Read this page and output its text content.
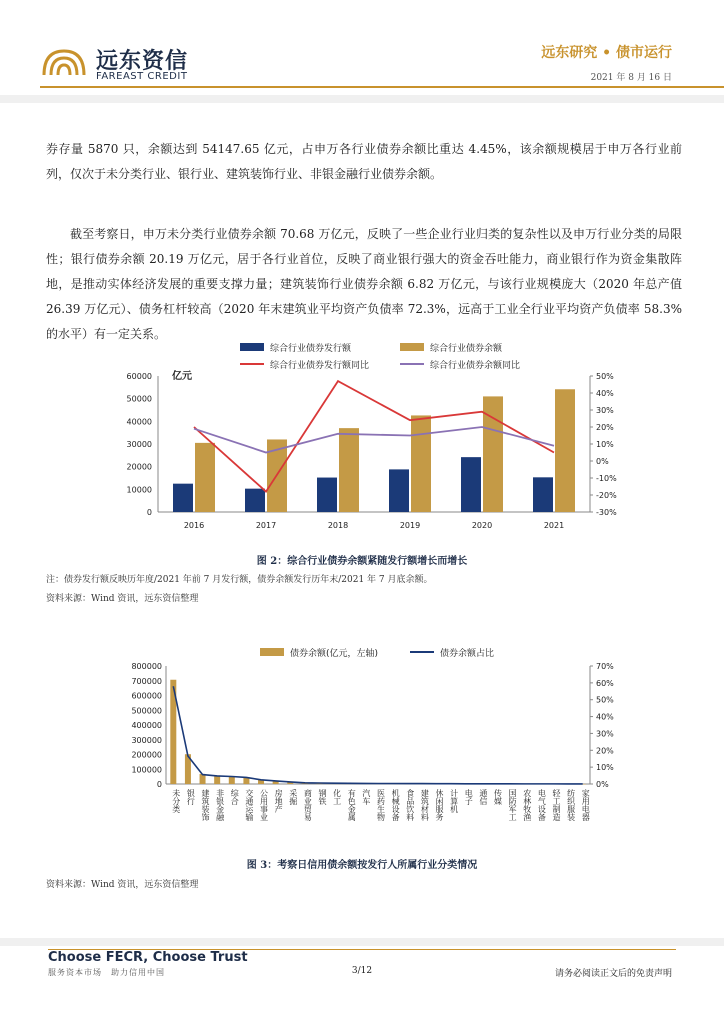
远东资信
FAREAST CREDIT
远东研究 • 债市运行
2021 年 8 月 16 日
券存量 5870 只，余额达到 54147.65 亿元，占申万各行业债券余额比重达 4.45%，该余额规模居于申万各行业前列，仅次于未分类行业、银行业、建筑装饰行业、非银金融行业债券余额。
截至考察日，申万未分类行业债券余额 70.68 万亿元，反映了一些企业行业归类的复杂性以及申万行业分类的局限性；银行债券余额 20.19 万亿元，居于各行业首位，反映了商业银行强大的资金吞吐能力，商业银行作为资金集散阵地，是推动实体经济发展的重要支撑力量；建筑装饰行业债券余额 6.82 万亿元，与该行业规模庞大（2020 年总产值 26.39 万亿元）、债务杠杆较高（2020 年末建筑业平均资产负债率 72.3%，远高于工业全行业平均资产负债率 58.3%的水平）有一定关系。
综合行业债券发行额	综合行业债券余额
综合行业债券发行额同比	综合行业债券余额同比
亿元
0
10000
20000
30000
40000
50000
60000
-30%
-20%
-10%
0%
10%
20%
30%
40%
50%
2016	2017	2018	2019	2020	2021
图 2：综合行业债券余额紧随发行额增长而增长
注：债券发行额反映历年度/2021 年前 7 月发行额，债券余额发行历年末/2021 年 7 月底余额。
资料来源：Wind 资讯，远东资信整理
债券余额(亿元，左轴)	债券余额占比
0
100000
200000
300000
400000
500000
600000
700000
800000
0%
10%
20%
30%
40%
50%
60%
70%
未分类 银行 建筑装饰 非银金融 综合 交通运输 公用事业 房地产 采掘 商业贸易 钢铁 化工 有色金属 汽车 医药生物 机械设备 食品饮料 建筑材料 休闲服务 计算机 电子 通信 传媒 国防军工 农林牧渔 电气设备 轻工制造 纺织服装 家用电器
图 3：考察日信用债余额按发行人所属行业分类情况
资料来源：Wind 资讯，远东资信整理
Choose FECR, Choose Trust
服务资本市场　助力信用中国	3/12	请务必阅读正文后的免责声明
